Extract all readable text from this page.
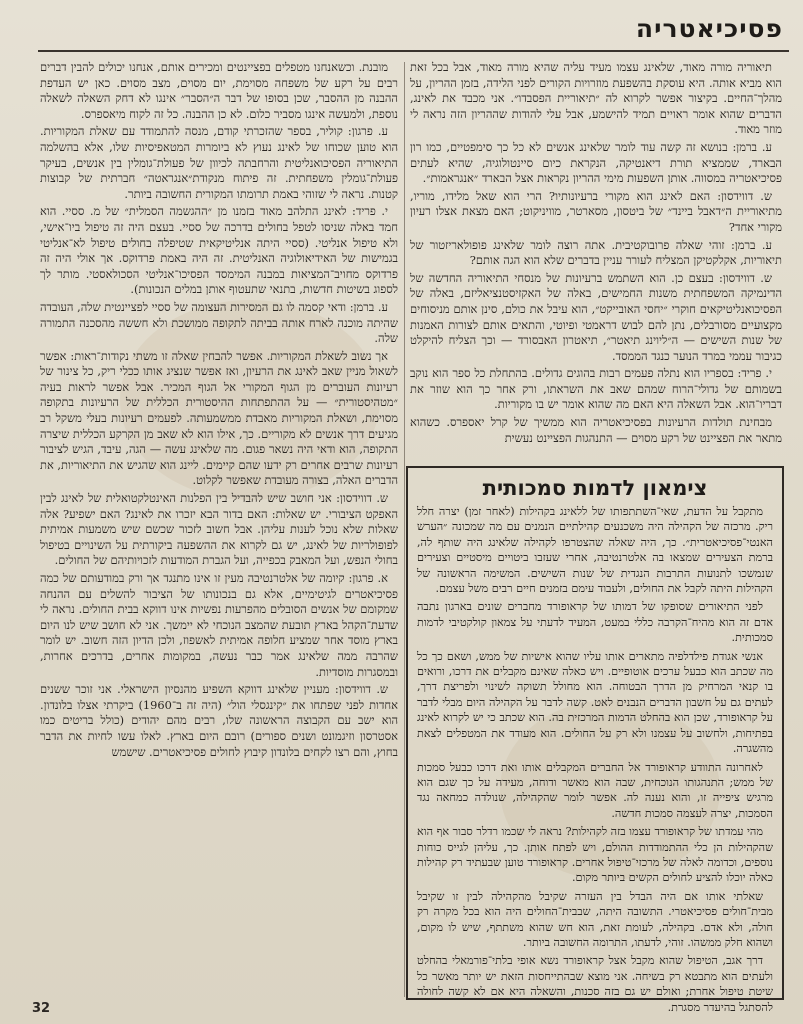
פסיכיאטריה

תיאוריה מורה מאוד, שלאינג עצמו מעיד עליה שהיא מורה מאוד, אבל בכל זאת הוא מביא אותה. היא עוסקת בהשפעת מוזרויות הקורים לפני הלידה, בזמן ההריון, על מהלך־החיים. בקיצור אפשר לקרוא לה ״תיאוריית הפסבדו״. אני מכבד את לאינג, הדברים שהוא אומר ראויים תמיד להישמע, אבל עלי להודות שההריון הזה נראה לי מוזר מאוד.

ע. ברמן: בנושא זה קשה עוד לומר שלאינג אנשים לא כל כך סימפטיים, כמו רון הבארד, שממציא תורת דיאנטיקה, הנקראת כיום סיינטולוגיה, שהיא לעתים פסיכיאטריה במסווה. אותן השפעות מימי ההריון נקראות אצל הבארד ״אנגראמות״.

ש. דווידסון: האם לאינג הוא מקורי ברעיונותיו? הרי הוא שאל מלידו, מוריו, מתיאוריית ה״דאבל ביינד״ של ביטסון, מסארטר, מוויניקוט; האם מצאת אצלו רעיון מקורי אחד?

ע. ברמן: זוהי שאלה פרובוקטיבית. אתה רוצה לומר שלאינג פופולאריזטור של תיאוריות, אקלקטיקן המצליח לעורר עניין בדברים שלא הוא הגה אותם?

ש. דווידסון: בעצם כן. הוא השתמש ברעיונות של מנסחי התיאוריה החדשה של הדינמיקה המשפחתית משנות החמישים, באלה של האקזיסטנציאליזם, באלה של הפסיכואנליטיקאים חוקרי ״יחסי האובייקט״, הוא עיבל את כולם, סינן אותם מניסוחים מקצועיים מסורבלים, נתן להם לבוש דראמטי ופיוטי, והתאים אותם לצורות האמנות של שנות השישים — ה״ליוינג תיאטר״, תיאטרון האבסורד — וכך הצליח להיקלט כגיבור עממי במרד הנוער כנגד הממסד.

י. פריד: בספריו הוא נתלה פעמים רבות בהוגים גדולים. בהתחלת כל ספר הוא נוקב בשמותם של גדולי־הרוח שמהם שאב את השראתו, ורק אחר כך הוא שוזר את דבריו־הוא. אבל השאלה היא האם מה שהוא אומר יש בו מקוריות.

מבחינת תולדות הרעיונות בפסיכיאטריה הוא ממשיך של קרל יאספרס. כשהוא מתאר את הפציינט של רקע מסוים — התנהגות הפציינט נעשית

מובנת. וכשאנחנו מטפלים בפציינטים ומכירים אותם, אנחנו יכולים להבין דברים רבים על רקע של משפחה מסוימת, יום מסוים, מצב מסוים. כאן יש העדפת ההבנה מן ההסבר, שכן בסופו של דבר ה״הסבר״ אינגו לא דחק השאלה לשאלה נוספת, ולמעשה אינגו מסביר כלום. לא כן ההבנה. כל זה לקוח מיאספרס.

ע. פרגון: קוליר, בספר שהזכרתי קודם, מנסה להתמודד עם שאלת המקוריות. הוא טוען שכוחו של לאינג נעוץ לא ביומרות המטאפיסיות שלו, אלא בהשלמה התיאוריה הפסיכואנליטית והרחבתה לכיוון של פעולת־גומלין בין אנשים, בעיקר פעולת־גומלין משפחתית. זה פיתוח מנקודת״אנגראטה״ חברתית של קבוצות קטנות. נראה לי שזוהי באמת תרומתו המקורית החשובה ביותר.

י. פריד: לאינג התלהב מאוד בזמנו מן ״ההגשמה הסמלית״ של מ. ססיי. הוא חמד באלה שניסו לטפל בחולים בדרכה של ססיי. בעצם היה זה טיפול ביו־אישי, ולא טיפול אנליטי. (ססיי היתה אנליטיקאית שטיפלה בחולים טיפול לא־אנליטי בגמישות של האידיאולוגיה האנליטית. זה היה באמת פרדוקס. אך אולי היה זה פרדוקס מחויב־המציאות במבנה המימסד הפסיכו־אנליטי הסכולאסטי. מותר לך לספוג בשיטות חדשות, בתנאי שתעטוף אותן במלים הנכונות).

ע. ברמן: ודאי קסמה לו גם המסירות העצומה של ססיי לפציינטית שלה, העובדה שהיתה מוכנה לארח אותה בביתה לתקופה ממושכת ולא חששה מהסכנה התמורה שלה.

אך נשוב לשאלת המקוריות. אפשר להבחין שאלה זו משתי נקודות־ראות: אפשר לשאול מניין שאב לאינג את הרעיון, ואז אפשר שנציג אותו ככלי ריק, כל צינור של רעיונות העוברים מן הגוף המקורי אל הגוף המכיר. אבל אפשר לראות בעיה ״מטהיסטורית״ — על ההתפתחות ההיסטורית הכללית של הרעיונות בתקופה מסוימת, ושאלת המקוריות מאבדת ממשמעותה. לפעמים רעיונות בעלי משקל רב מגיעים דרך אנשים לא מקוריים. כך, אילו הוא לא שאב מן הקרקע הכללית שיצרה התקופה, הוא ודאי היה נשאר פגום. מה שלאינג עשה — הגה, עיבד, הגיש לציבור רעיונות שרבים אחרים רק ידעו שהם קיימים. ליינג הוא שהגיש את התיאוריות, את הדברים האלה, בצורה מעובדת שאפשר לקלוט.

ש. דווידסון: אני חושב שיש להבדיל בין הפלנות האינטלקטואלית של לאינג לבין האפקט הציבורי. יש שאלות: האם בדור הבא יזכרו את לאינג? האם ישפיע? אלה שאלות שלא נוכל לענות עליהן. אבל חשוב לזכור שכשם שיש משמעות אמיתית לפופולריות של לאינג, יש גם לקרוא את ההשפעה ביקורתית על השינויים בטיפול בחולי הנפש, ועל המאבק בכפייה, ועל הגברת המודעות לזכויותיהם של החולים.

א. פרגון: קיומה של אלטרנטיבה מעין זו אינו מתנגד אך ורק במודעותם של כמה פסיכיאטרים לגיטימיים, אלא גם בנכונותו של הציבור להשלים עם ההנחה שמקומם של אנשים הסובלים מהפרעות נפשיות אינו דווקא בבית החולים. נראה לי שדעת־הקהל בארץ תובעת שהמצב הנוכחי לא יימשך. אני לא חושב שיש לנו היום בארץ מוסד אחר שמציע חלופה אמיתית לאשפוז, ולכן הדיון הזה חשוב. יש לומר שהרבה ממה שלאינג אמר כבר נעשה, במקומות אחרים, בדרכים אחרות, ובמסגרות מוסדיות.

ש. דווידסון: מעניין שלאינג דווקא השפיע מהנסיון הישראלי. אני זוכר ששנים אחדות לפני שפתחו את ״קינגסלי הול״ (היה זה ב־1960) ביקרתי אצלו בלונדון. הוא ישב עם הקבוצה הראשונה שלו, רבים מהם יהודים (כולל בריטים כמו אסטרסון וזיגמונט ושנים ספורים) רובם היום בארץ. לאלו עשו לחיות את הדבר בחוץ, והם רצו לקחים בלונדון קיבוץ לחולים פסיכיאטרים. שישמש

צימאון לדמות סמכותית

מתקבל על הדעת, שאי־השתתפותו של ללאינג בקהילות (לאחר זמן) יצרה חלל ריק. מרכזה של הקהילה היה משכנעים קהילתיים הנמנים עם מה שמכונה ״הערש האנטי־פסיכיאטרית״. כך, היה שאלה שהצטרפו לקהילה שלאינג היה שותף לה, ברמת הצעירים שמצאו בה אלטרנטיבה, אחרי שעזבו ביטויים מיסטיים וצעירים שנמשכו לתנועות התרבות הנגדית של שנות השישים. המשימה הראשונה של הקהילות היתה לקבל את החולים, ולעבוד עימם בזמנים חיים רבים משל עצמם.

לפני התיאורים שסופקו של דמותו של קראופורד מחברים שונים בארגון נתבה אדם זה הוא מהיח־הקרבה כללי במעט, המעיד לדעתי על צמאון קולקטיבי לדמות סמכותית.

אנשי אגודת פילדלפיה מתארים אותו עליו שהוא אישיות של ממש, ושאם כך כל מה שכתב הוא כבעל ערכים אוטופיים. ויש כאלה שאינם מקבלים את דרכו, ורואים בו קנאי המרחיק מן הדרך הבטוחה. הוא מחולל תשוקה לשינוי ולפריצת דרך, לעתים גם על חשבון הדברים הנבנים לאט. קשה לדבר על הקהילה היום מבלי לדבר על קראופורד, שכן הוא בהחלט הדמות המרכזית בה. הוא שכתב כי יש לקרוא לאינג בפתיחות, ולחשוב על עצמנו ולא רק על החולים. הוא מעודד את המטפלים לצאת מהשגרה.

לאחרונה התוודע קראופורד אל החברים המקבלים אותו ואת דרכו כבעל סמכות של ממש; התנהגותו הנוכחית, שבה הוא מאשר ודוחה, מעידה על כך שגם הוא מרגיש ציפייה זו, והוא נענה לה. אפשר לומר שהקהילה, שנולדה כמחאה נגד הסמכות, יצרה לעצמה סמכות חדשה.

מהי עמדתו של קראופורד עצמו בזה לקהילות? נראה לי שכמו רדלר סבור אף הוא שהקהילות הן כלי ההתמודדות ההולם, ויש לפתח אותן. כך, עליהן לגייס כוחות נוספים, וכדומה לאלה של מרכזי־טיפול אחרים. קראופורד טוען שבעתיד רק קהילות כאלה יוכלו להציע לחולים הקשים ביותר מקום.

שאלתי אותו אם היה הבדל בין העזרה שקיבל מהקהילה לבין זו שקיבל מבית־חולים פסיכיאטרי. התשובה היתה, שבבית־החולים היה הוא בכל מקרה רק חולה, ולא אדם. בקהילה, לעומת זאת, הוא חש שהוא משתתף, שיש לו מקום, ושהוא חלק ממשהו. זוהי, לדעתו, התרומה החשובה ביותר.

דרך אגב, הטיפול שהוא מקבל אצל קראופורד נשא אופי בלתי־פורמאלי בהחלט ולעתים הוא מתבטא רק בשיחה. אני מוצא שבהתייחסות הזאת יש יותר מאשר כל שיטת טיפול אחרת; ואולם יש גם בזה סכנות, והשאלה היא אם לא קשה לחולה להסתגל בהיעדר מסגרת.

32
